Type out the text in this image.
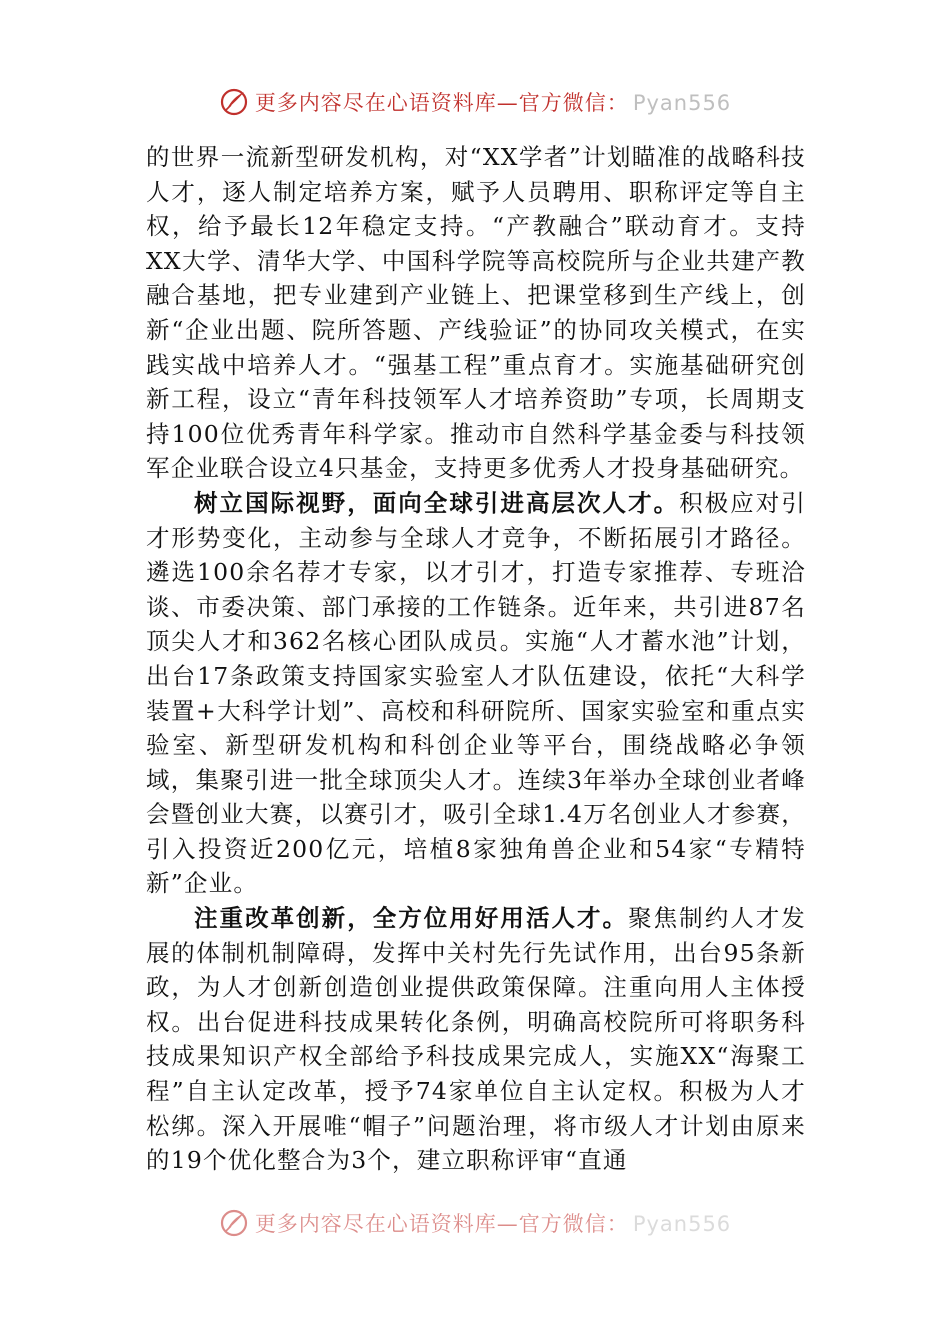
更多内容尽在心语资料库—官方微信： Pyan556

的世界一流新型研发机构，对“XX学者”计划瞄准的战略科技人才，逐人制定培养方案，赋予人员聘用、职称评定等自主权，给予最长12年稳定支持。“产教融合”联动育才。支持XX大学、清华大学、中国科学院等高校院所与企业共建产教融合基地，把专业建到产业链上、把课堂移到生产线上，创新“企业出题、院所答题、产线验证”的协同攻关模式，在实践实战中培养人才。“强基工程”重点育才。实施基础研究创新工程，设立“青年科技领军人才培养资助”专项，长周期支持100位优秀青年科学家。推动市自然科学基金委与科技领军企业联合设立4只基金，支持更多优秀人才投身基础研究。

树立国际视野，面向全球引进高层次人才。积极应对引才形势变化，主动参与全球人才竞争，不断拓展引才路径。遴选100余名荐才专家，以才引才，打造专家推荐、专班洽谈、市委决策、部门承接的工作链条。近年来，共引进87名顶尖人才和362名核心团队成员。实施“人才蓄水池”计划，出台17条政策支持国家实验室人才队伍建设，依托“大科学装置+大科学计划”、高校和科研院所、国家实验室和重点实验室、新型研发机构和科创企业等平台，围绕战略必争领域，集聚引进一批全球顶尖人才。连续3年举办全球创业者峰会暨创业大赛，以赛引才，吸引全球1.4万名创业人才参赛，引入投资近200亿元，培植8家独角兽企业和54家“专精特新”企业。

注重改革创新，全方位用好用活人才。聚焦制约人才发展的体制机制障碍，发挥中关村先行先试作用，出台95条新政，为人才创新创造创业提供政策保障。注重向用人主体授权。出台促进科技成果转化条例，明确高校院所可将职务科技成果知识产权全部给予科技成果完成人，实施XX“海聚工程”自主认定改革，授予74家单位自主认定权。积极为人才松绑。深入开展唯“帽子”问题治理，将市级人才计划由原来的19个优化整合为3个，建立职称评审“直通

更多内容尽在心语资料库—官方微信： Pyan556
